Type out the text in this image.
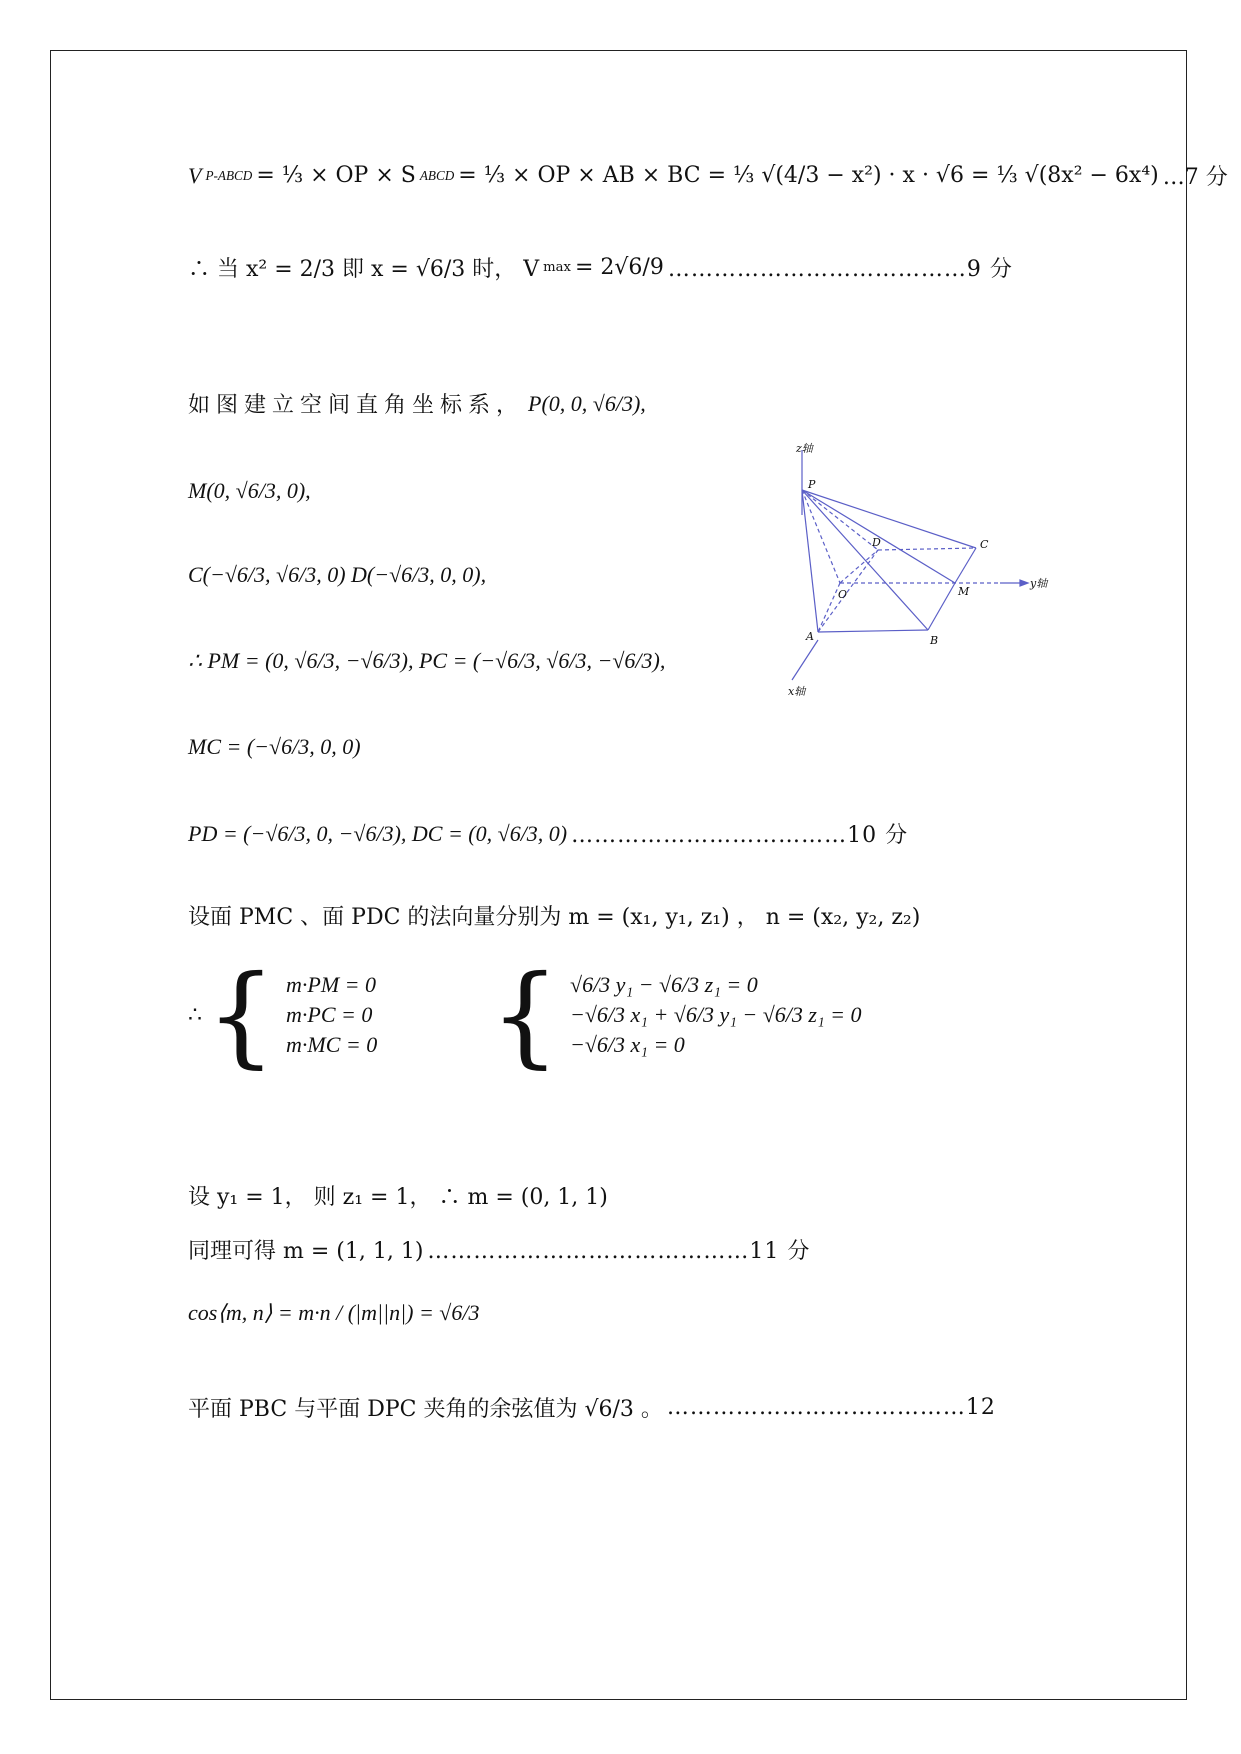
V P-ABCD = ⅓ × OP × S ABCD = ⅓ × OP × AB × BC = ⅓ √(4/3 − x²) · x · √6 = ⅓ √(8x² − 6x⁴) …7 分
∴ 当 x² = 2/3 即 x = √6/3 时， V max = 2√6/9 …………………………………9 分
如图建立空间直角坐标系， P(0, 0, √6/3),
M(0, √6/3, 0),
C(−√6/3, √6/3, 0) D(−√6/3, 0, 0),
∴ PM = (0, √6/3, −√6/3), PC = (−√6/3, √6/3, −√6/3),
MC = (−√6/3, 0, 0)
PD = (−√6/3, 0, −√6/3), DC = (0, √6/3, 0) ………………………………10 分
设面 PMC 、面 PDC 的法向量分别为 m = (x₁, y₁, z₁) ， n = (x₂, y₂, z₂)
∴ { m·PM = 0
m·PC = 0
m·MC = 0	{ √6/3 y₁ − √6/3 z₁ = 0
−√6/3 x₁ + √6/3 y₁ − √6/3 z₁ = 0
−√6/3 x₁ = 0
设 y₁ = 1， 则 z₁ = 1， ∴ m = (0, 1, 1)
同理可得 m = (1, 1, 1) ……………………………………11 分
cos⟨m, n⟩ = m·n / (|m||n|) = √6/3
平面 PBC 与平面 DPC 夹角的余弦值为 √6/3 。 …………………………………12
z轴
P
D	C
O	M
y轴
A	B
x轴
